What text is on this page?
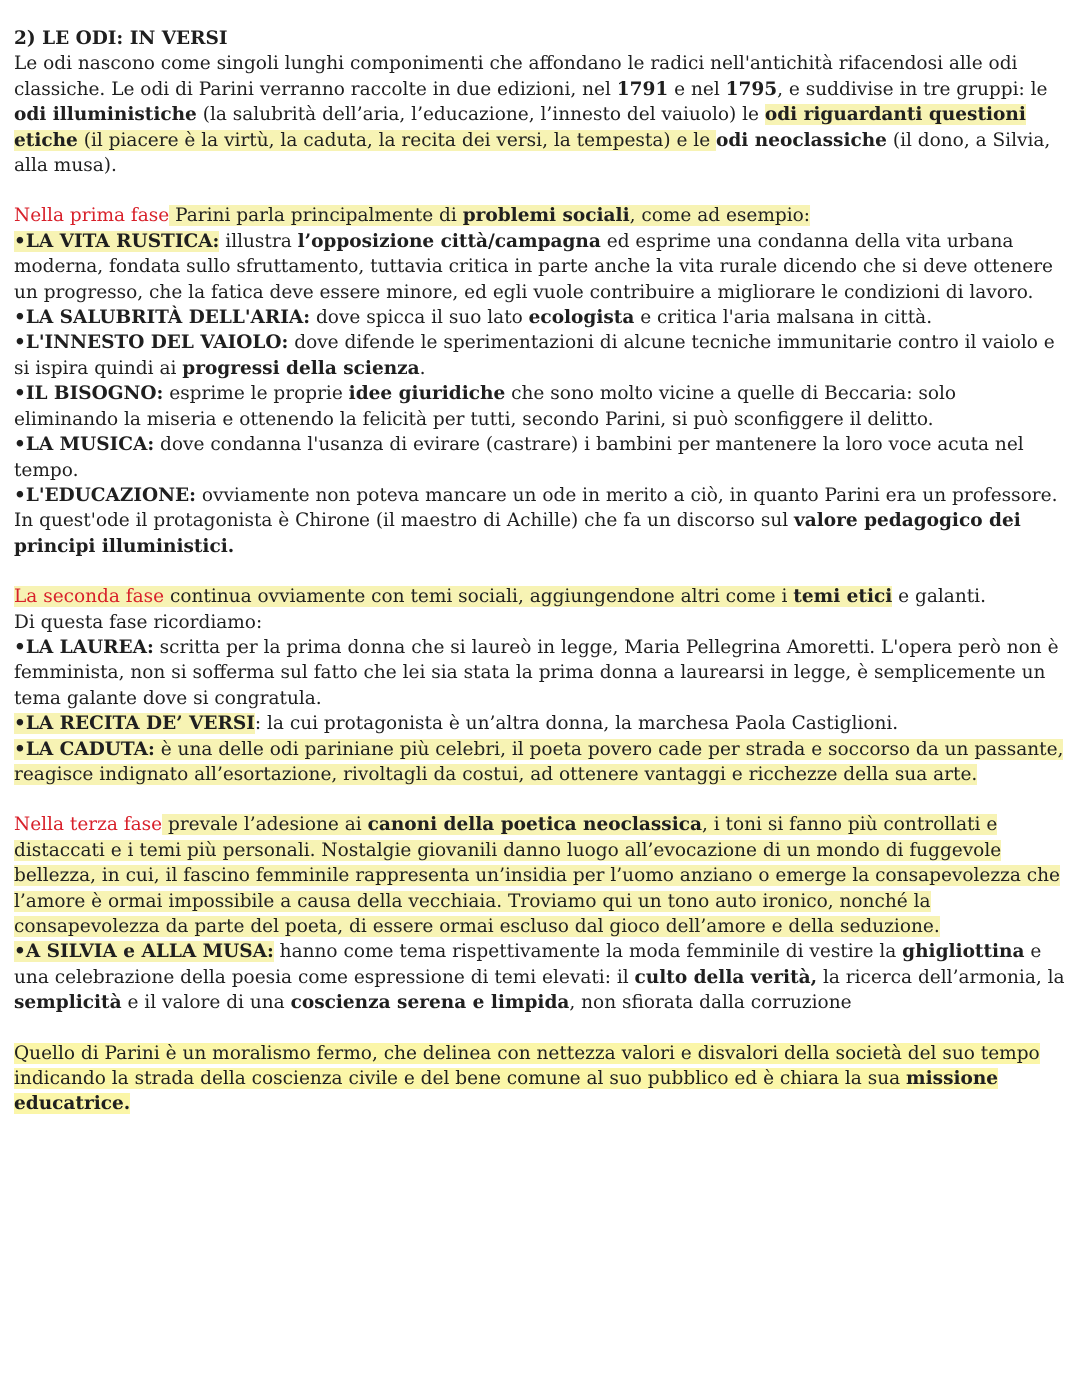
2) LE ODI: IN VERSI
Le odi nascono come singoli lunghi componimenti che affondano le radici nell'antichità rifacendosi alle odi classiche. Le odi di Parini verranno raccolte in due edizioni, nel 1791 e nel 1795, e suddivise in tre gruppi: le odi illuministiche (la salubrità dell’aria, l’educazione, l’innesto del vaiuolo) le odi riguardanti questioni etiche (il piacere è la virtù, la caduta, la recita dei versi, la tempesta) e le odi neoclassiche (il dono, a Silvia, alla musa).
Nella prima fase Parini parla principalmente di problemi sociali, come ad esempio:
•LA VITA RUSTICA: illustra l’opposizione città/campagna ed esprime una condanna della vita urbana moderna, fondata sullo sfruttamento, tuttavia critica in parte anche la vita rurale dicendo che si deve ottenere un progresso, che la fatica deve essere minore, ed egli vuole contribuire a migliorare le condizioni di lavoro.
•LA SALUBRITÀ DELL'ARIA: dove spicca il suo lato ecologista e critica l'aria malsana in città.
•L'INNESTO DEL VAIOLO: dove difende le sperimentazioni di alcune tecniche immunitarie contro il vaiolo e si ispira quindi ai progressi della scienza.
•IL BISOGNO: esprime le proprie idee giuridiche che sono molto vicine a quelle di Beccaria: solo eliminando la miseria e ottenendo la felicità per tutti, secondo Parini, si può sconfiggere il delitto.
•LA MUSICA: dove condanna l'usanza di evirare (castrare) i bambini per mantenere la loro voce acuta nel tempo.
•L'EDUCAZIONE: ovviamente non poteva mancare un ode in merito a ciò, in quanto Parini era un professore.
In quest'ode il protagonista è Chirone (il maestro di Achille) che fa un discorso sul valore pedagogico dei principi illuministici.
La seconda fase continua ovviamente con temi sociali, aggiungendone altri come i temi etici e galanti.
Di questa fase ricordiamo:
•LA LAUREA: scritta per la prima donna che si laureò in legge, Maria Pellegrina Amoretti. L'opera però non è femminista, non si sofferma sul fatto che lei sia stata la prima donna a laurearsi in legge, è semplicemente un tema galante dove si congratula.
•LA RECITA DE’ VERSI: la cui protagonista è un’altra donna, la marchesa Paola Castiglioni.
•LA CADUTA: è una delle odi pariniane più celebri, il poeta povero cade per strada e soccorso da un passante, reagisce indignato all’esortazione, rivoltagli da costui, ad ottenere vantaggi e ricchezze della sua arte.
Nella terza fase prevale l’adesione ai canoni della poetica neoclassica, i toni si fanno più controllati e distaccati e i temi più personali. Nostalgie giovanili danno luogo all’evocazione di un mondo di fuggevole bellezza, in cui, il fascino femminile rappresenta un’insidia per l’uomo anziano o emerge la consapevolezza che l’amore è ormai impossibile a causa della vecchiaia. Troviamo qui un tono auto ironico, nonché la consapevolezza da parte del poeta, di essere ormai escluso dal gioco dell’amore e della seduzione.
•A SILVIA e ALLA MUSA: hanno come tema rispettivamente la moda femminile di vestire la ghigliottina e una celebrazione della poesia come espressione di temi elevati: il culto della verità, la ricerca dell’armonia, la semplicità e il valore di una coscienza serena e limpida, non sfiorata dalla corruzione
Quello di Parini è un moralismo fermo, che delinea con nettezza valori e disvalori della società del suo tempo indicando la strada della coscienza civile e del bene comune al suo pubblico ed è chiara la sua missione educatrice.
